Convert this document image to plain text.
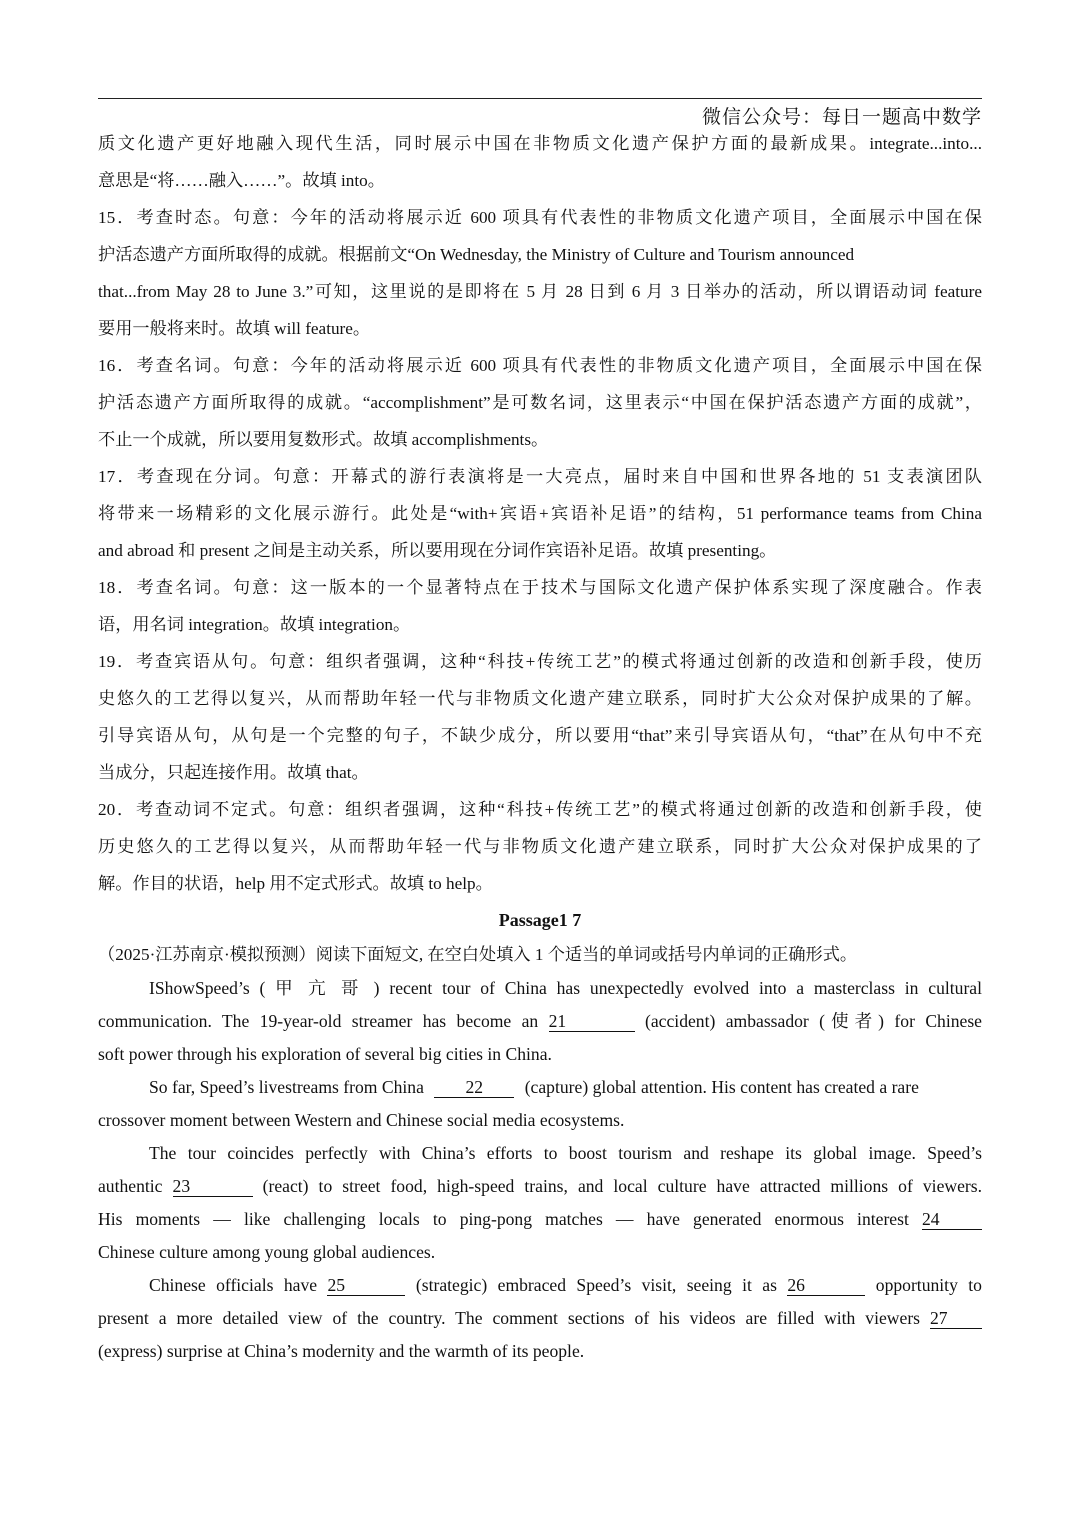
微信公众号：每日一题高中数学
质文化遗产更好地融入现代生活，同时展示中国在非物质文化遗产保护方面的最新成果。integrate...into...
意思是“将……融入……”。故填 into。
15．考查时态。句意：今年的活动将展示近 600 项具有代表性的非物质文化遗产项目，全面展示中国在保
护活态遗产方面所取得的成就。根据前文“On Wednesday, the Ministry of Culture and Tourism announced
that...from May 28 to June 3.”可知，这里说的是即将在 5 月 28 日到 6 月 3 日举办的活动，所以谓语动词 feature
要用一般将来时。故填 will feature。
16．考查名词。句意：今年的活动将展示近 600 项具有代表性的非物质文化遗产项目，全面展示中国在保
护活态遗产方面所取得的成就。“accomplishment”是可数名词，这里表示“中国在保护活态遗产方面的成就”，
不止一个成就，所以要用复数形式。故填 accomplishments。
17．考查现在分词。句意：开幕式的游行表演将是一大亮点，届时来自中国和世界各地的 51 支表演团队
将带来一场精彩的文化展示游行。此处是“with+宾语+宾语补足语”的结构，51 performance teams from China
and abroad 和 present 之间是主动关系，所以要用现在分词作宾语补足语。故填 presenting。
18．考查名词。句意：这一版本的一个显著特点在于技术与国际文化遗产保护体系实现了深度融合。作表
语，用名词 integration。故填 integration。
19．考查宾语从句。句意：组织者强调，这种“科技+传统工艺”的模式将通过创新的改造和创新手段，使历
史悠久的工艺得以复兴，从而帮助年轻一代与非物质文化遗产建立联系，同时扩大公众对保护成果的了解。
引导宾语从句，从句是一个完整的句子，不缺少成分，所以要用“that”来引导宾语从句，“that”在从句中不充
当成分，只起连接作用。故填 that。
20．考查动词不定式。句意：组织者强调，这种“科技+传统工艺”的模式将通过创新的改造和创新手段，使
历史悠久的工艺得以复兴，从而帮助年轻一代与非物质文化遗产建立联系，同时扩大公众对保护成果的了
解。作目的状语，help 用不定式形式。故填 to help。
Passage1 7
（2025·江苏南京·模拟预测）阅读下面短文, 在空白处填入 1 个适当的单词或括号内单词的正确形式。
IShowSpeed’s ( 甲 亢 哥 ) recent tour of China has unexpectedly evolved into a masterclass in cultural
communication. The 19-year-old streamer has become an 21	(accident) ambassador (使者) for Chinese
soft power through his exploration of several big cities in China.
So far, Speed’s livestreams from China 22 (capture) global attention. His content has created a rare
crossover moment between Western and Chinese social media ecosystems.
The tour coincides perfectly with China’s efforts to boost tourism and reshape its global image. Speed’s
authentic 23	(react) to street food, high-speed trains, and local culture have attracted millions of viewers.
His moments — like challenging locals to ping-pong matches — have generated enormous interest 24
Chinese culture among young global audiences.
Chinese officials have 25	(strategic) embraced Speed’s visit, seeing it as 26	opportunity to
present a more detailed view of the country. The comment sections of his videos are filled with viewers 27
(express) surprise at China’s modernity and the warmth of its people.
